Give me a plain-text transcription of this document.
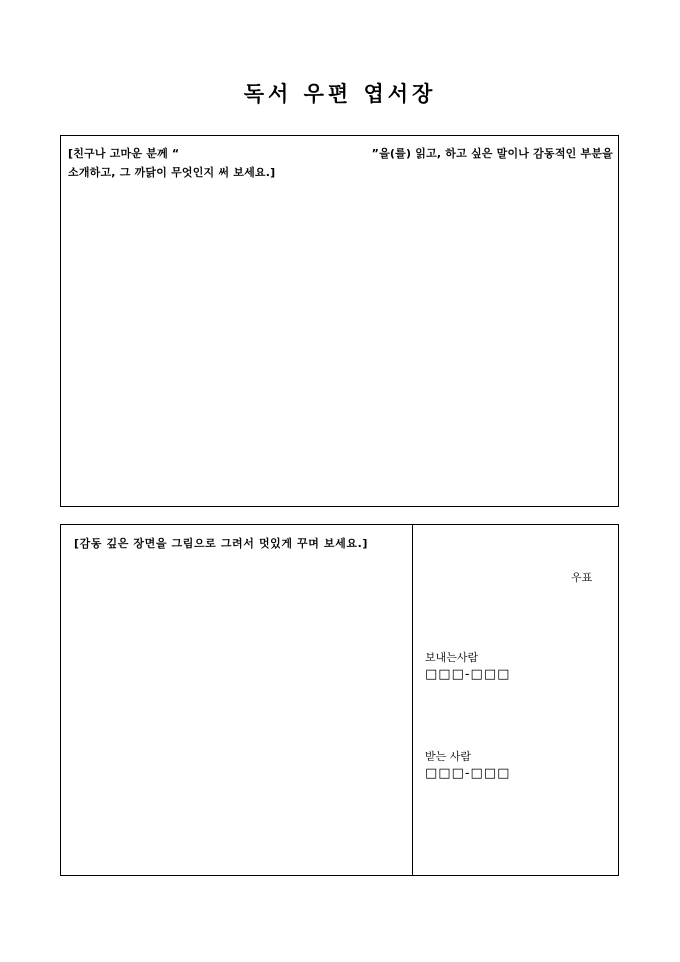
독서 우편 엽서장
[친구나 고마운 분께 “	”을(를) 읽고, 하고 싶은 말이나 감동적인 부분을
소개하고, 그 까닭이 무엇인지 써 보세요.]
[감동 깊은 장면을 그림으로 그려서 멋있게 꾸며 보세요.]
우표
보내는사람
□□□-□□□
받는 사람
□□□-□□□
